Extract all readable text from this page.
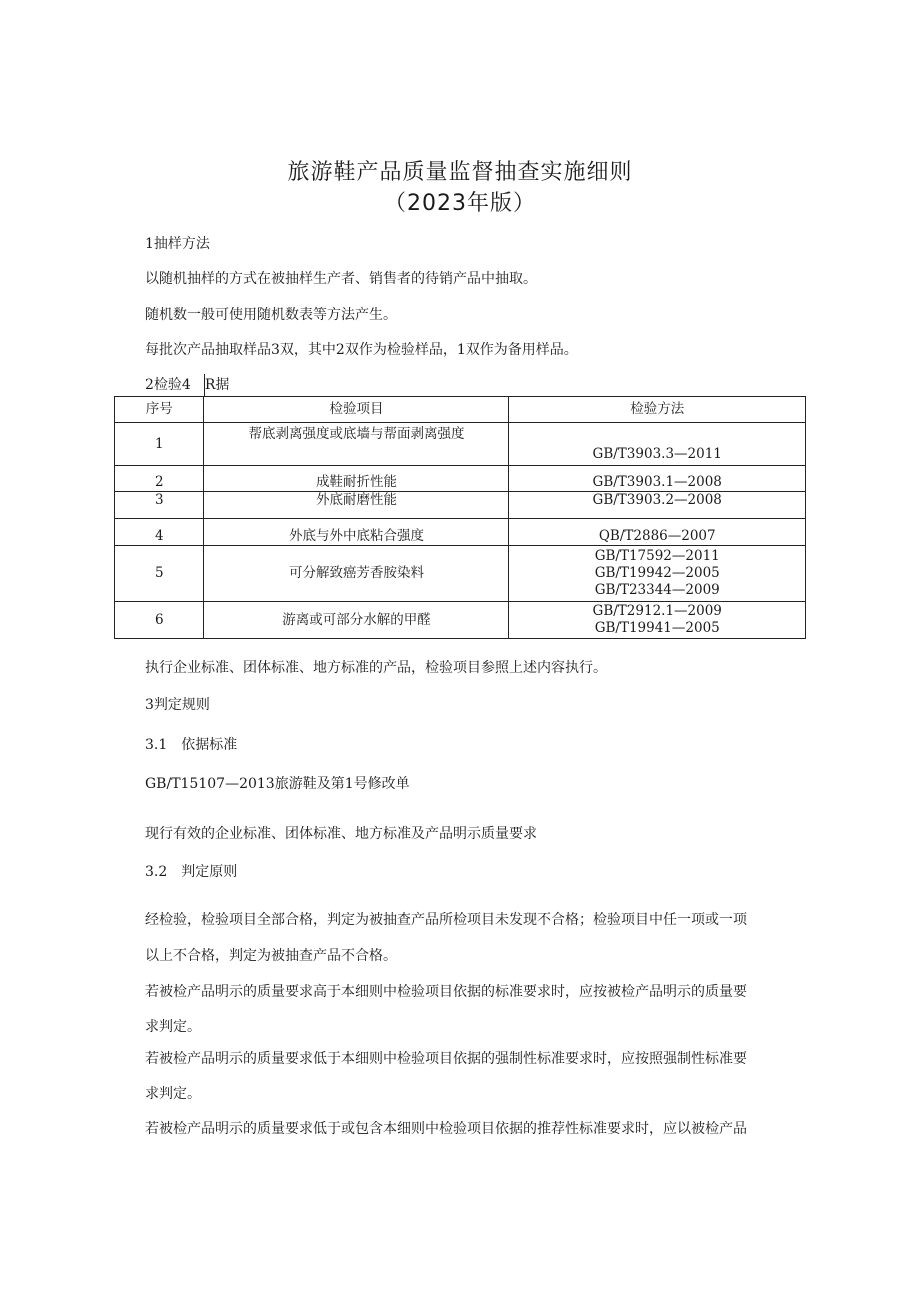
旅游鞋产品质量监督抽查实施细则
（2023年版）
1抽样方法
以随机抽样的方式在被抽样生产者、销售者的待销产品中抽取。
随机数一般可使用随机数表等方法产生。
每批次产品抽取样品3双，其中2双作为检验样品，1双作为备用样品。
2检验4 R据
序号	检验项目	检验方法
1	帮底剥离强度或底墙与帮面剥离强度	GB/T3903.3—2011

2	成鞋耐折性能	GB/T3903.1—2008

3	外底耐磨性能	GB/T3903.2—2008

4	外底与外中底粘合强度	QB/T2886—2007

5	可分解致癌芳香胺染料	GB/T17592—2011
GB/T19942—2005
GB/T23344—2009

6	游离或可部分水解的甲醛	GB/T2912.1—2009
GB/T19941—2005
执行企业标准、团体标准、地方标准的产品，检验项目参照上述内容执行。
3判定规则
3.1　依据标准
GB/T15107—2013旅游鞋及第1号修改单
现行有效的企业标准、团体标准、地方标准及产品明示质量要求
3.2　判定原则
经检验，检验项目全部合格，判定为被抽查产品所检项目未发现不合格；检验项目中任一项或一项
以上不合格，判定为被抽查产品不合格。
若被检产品明示的质量要求高于本细则中检验项目依据的标准要求时，应按被检产品明示的质量要
求判定。
若被检产品明示的质量要求低于本细则中检验项目依据的强制性标准要求时，应按照强制性标准要
求判定。
若被检产品明示的质量要求低于或包含本细则中检验项目依据的推荐性标准要求时，应以被检产品
